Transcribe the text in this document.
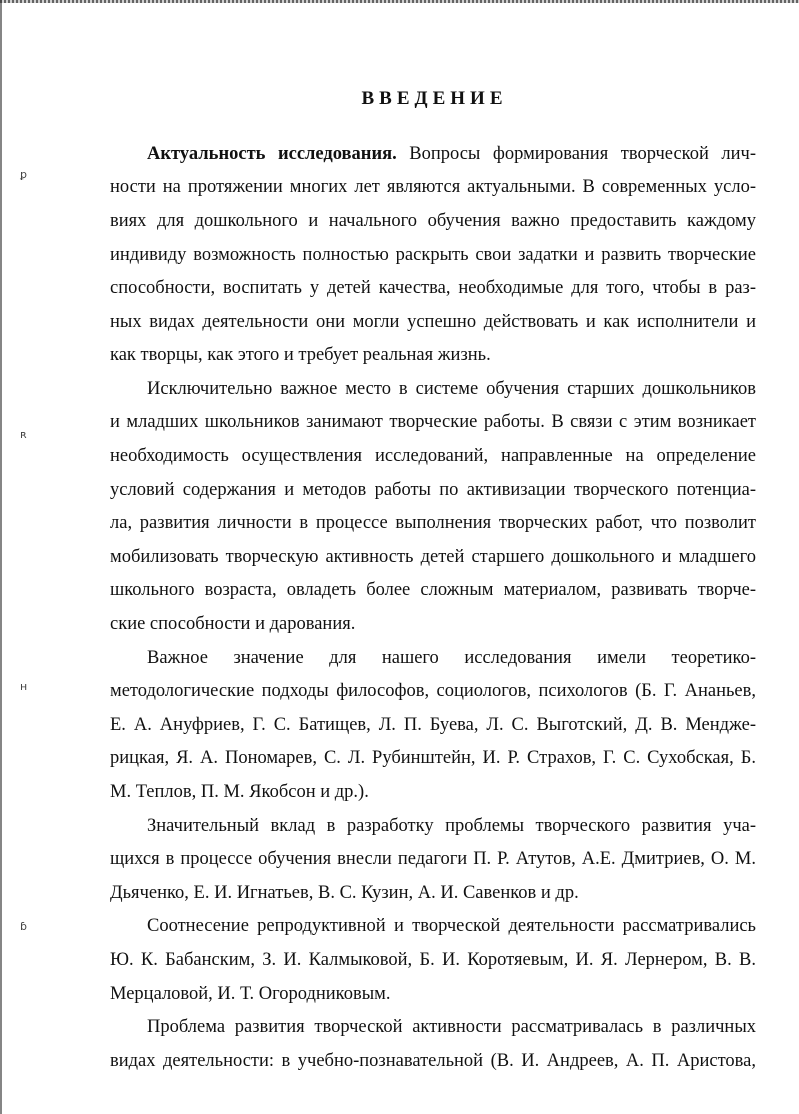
ꝑ
ʀ
ʜ
ɓ
ВВЕДЕНИЕ

Актуальность исследования. Вопросы формирования творческой лич-

ности на протяжении многих лет являются актуальными. В современных усло-

виях для дошкольного и начального обучения важно предоставить каждому

индивиду возможность полностью раскрыть свои задатки и развить творческие

способности, воспитать у детей качества, необходимые для того, чтобы в раз-

ных видах деятельности они могли успешно действовать и как исполнители и

как творцы, как этого и требует реальная жизнь.

Исключительно важное место в системе обучения старших дошкольников

и младших школьников занимают творческие работы. В связи с этим возникает

необходимость осуществления исследований, направленные на определение

условий содержания и методов работы по активизации творческого потенциа-

ла, развития личности в процессе выполнения творческих работ, что позволит

мобилизовать творческую активность детей старшего дошкольного и младшего

школьного возраста, овладеть более сложным материалом, развивать творче-

ские способности и дарования.

Важное значение для нашего исследования имели теоретико-

методологические подходы философов, социологов, психологов (Б. Г. Ананьев,

Е. А. Ануфриев, Г. С. Батищев, Л. П. Буева, Л. С. Выготский, Д. В. Мендже-

рицкая, Я. А. Пономарев, С. Л. Рубинштейн, И. Р. Страхов, Г. С. Сухобская, Б.

М. Теплов, П. М. Якобсон и др.).

Значительный вклад в разработку проблемы творческого развития уча-

щихся в процессе обучения внесли педагоги П. Р. Атутов, А.Е. Дмитриев, О. М.

Дьяченко, Е. И. Игнатьев, В. С. Кузин, А. И. Савенков и др.

Соотнесение репродуктивной и творческой деятельности рассматривались

Ю. К. Бабанским, З. И. Калмыковой, Б. И. Коротяевым, И. Я. Лернером, В. В.

Мерцаловой, И. Т. Огородниковым.

Проблема развития творческой активности рассматривалась в различных

видах деятельности: в учебно-познавательной (В. И. Андреев, А. П. Аристова,
